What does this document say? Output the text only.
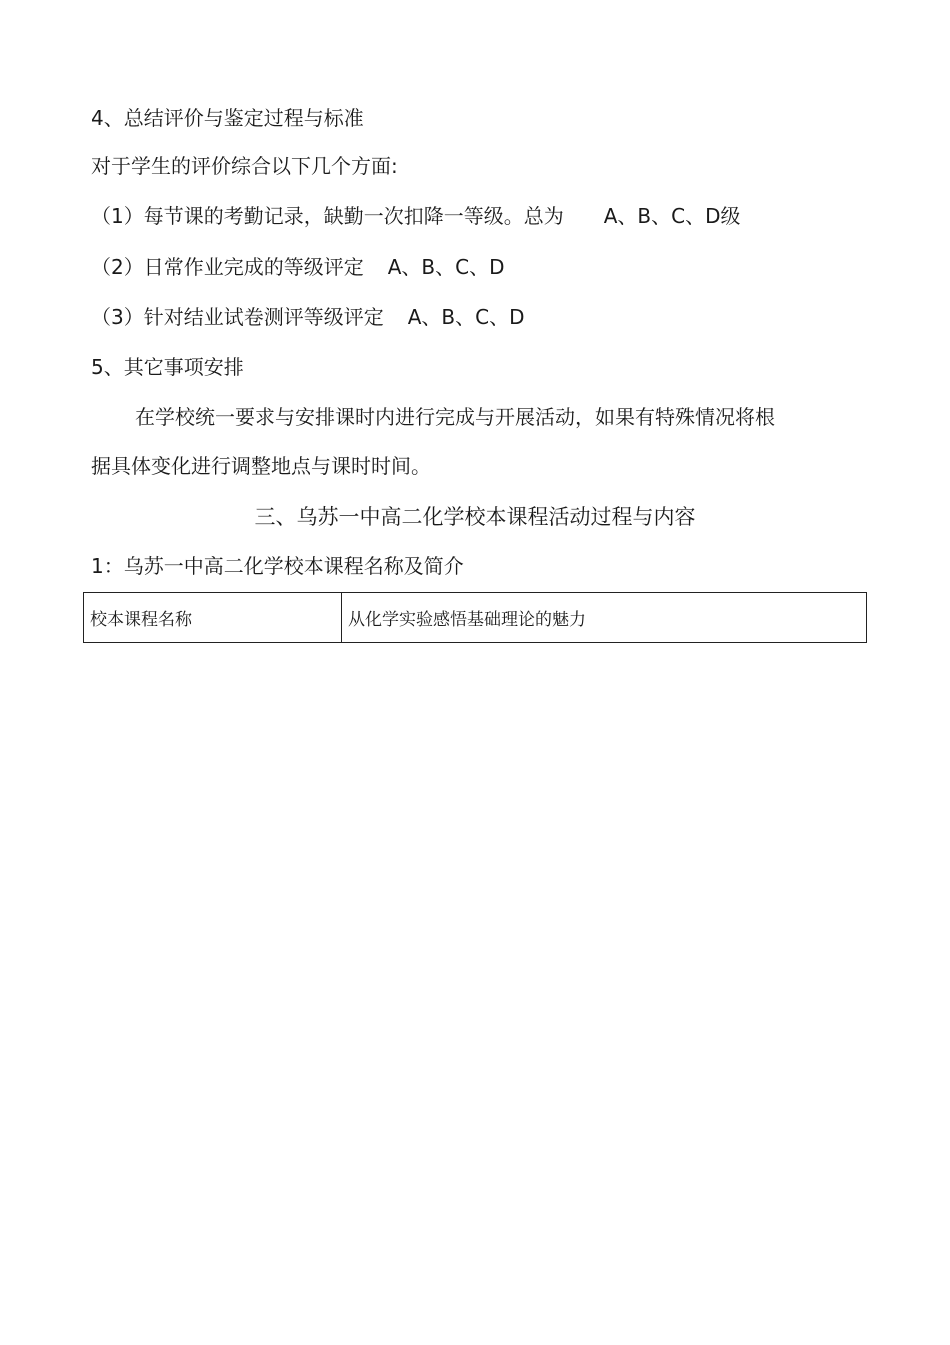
4、总结评价与鉴定过程与标准
对于学生的评价综合以下几个方面:
（1）每节课的考勤记录，缺勤一次扣降一等级。总为 A、B、C、D级
（2）日常作业完成的等级评定 A、B、C、D
（3）针对结业试卷测评等级评定 A、B、C、D
5、其它事项安排
在学校统一要求与安排课时内进行完成与开展活动，如果有特殊情况将根
据具体变化进行调整地点与课时时间。
三、乌苏一中高二化学校本课程活动过程与内容
1：乌苏一中高二化学校本课程名称及简介
校本课程名称	从化学实验感悟基础理论的魅力
